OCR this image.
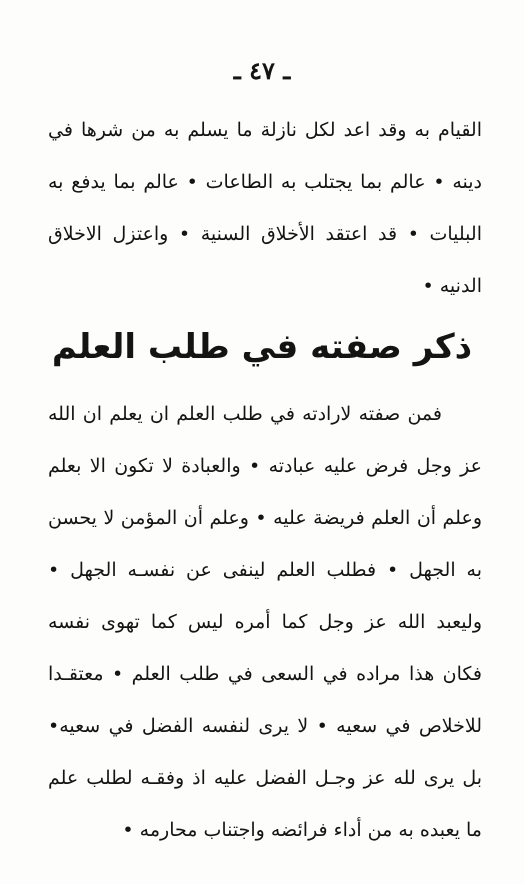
ـ ٤٧ ـ
القيام به وقد اعد لكل نازلة ما يسلم به من شرها في
دينه • عالم بما يجتلب به الطاعات • عالم بما يدفع به
البليات • قد اعتقد الأخلاق السنية • واعتزل الاخلاق
الدنيه •
ذكر صفته في طلب العلم
فمن صفته لارادته في طلب العلم ان يعلم ان الله
عز وجل فرض عليه عبادته • والعبادة لا تكون الا بعلم
وعلم أن العلم فريضة عليه • وعلم أن المؤمن لا يحسن
به الجهل • فطلب العلم لينفى عن نفسـه الجهل •
وليعبد الله عز وجل كما أمره ليس كما تهوى نفسه
فكان هذا مراده في السعى في طلب العلم • معتقـدا
للاخلاص في سعيه • لا يرى لنفسه الفضل في سعيه•
بل يرى لله عز وجـل الفضل عليه اذ وفقـه لطلب علم
ما يعبده به من أداء فرائضه واجتناب محارمه •
